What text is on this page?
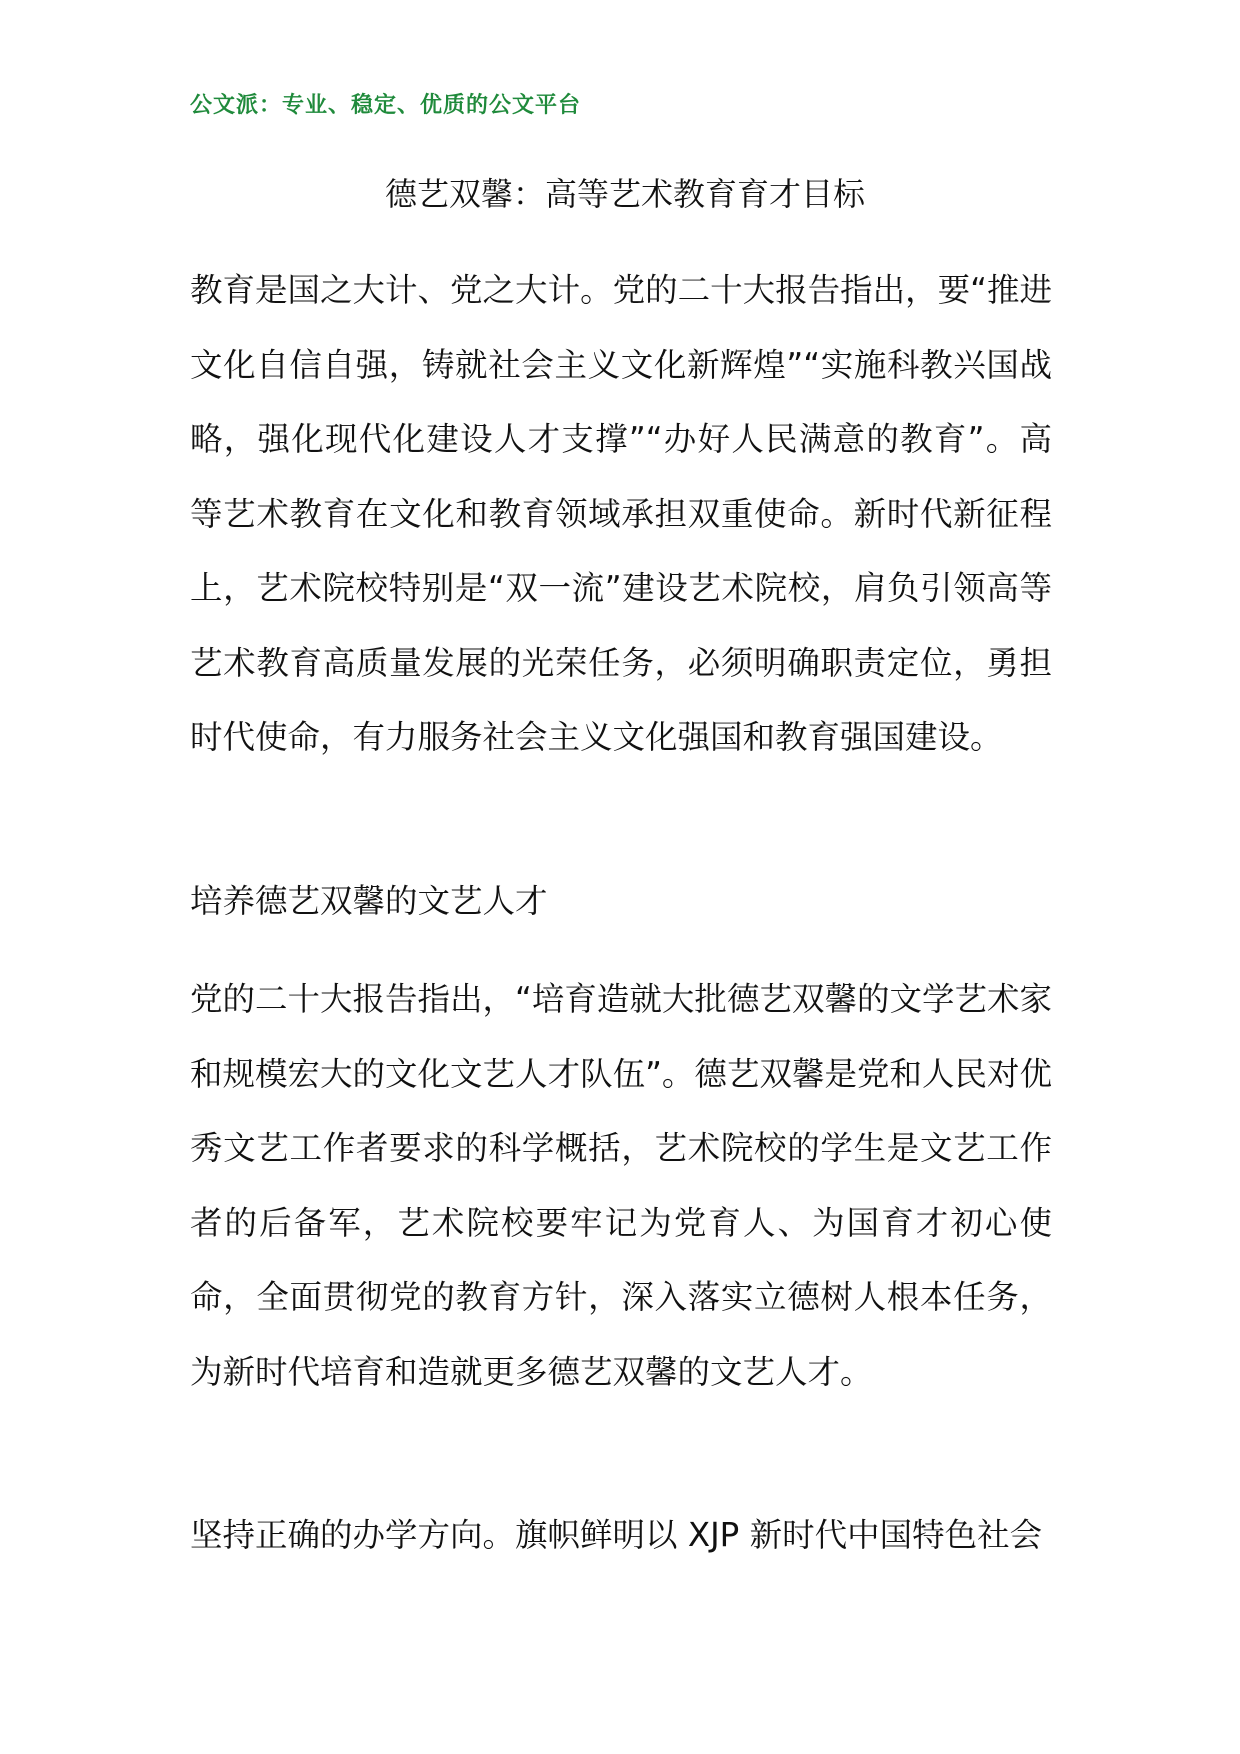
公文派：专业、稳定、优质的公文平台
德艺双馨：高等艺术教育育才目标

教育是国之大计、党之大计。党的二十大报告指出，要“推进文化自信自强，铸就社会主义文化新辉煌”“实施科教兴国战略，强化现代化建设人才支撑”“办好人民满意的教育”。高等艺术教育在文化和教育领域承担双重使命。新时代新征程上，艺术院校特别是“双一流”建设艺术院校，肩负引领高等艺术教育高质量发展的光荣任务，必须明确职责定位，勇担时代使命，有力服务社会主义文化强国和教育强国建设。

培养德艺双馨的文艺人才

党的二十大报告指出，“培育造就大批德艺双馨的文学艺术家和规模宏大的文化文艺人才队伍”。德艺双馨是党和人民对优秀文艺工作者要求的科学概括，艺术院校的学生是文艺工作者的后备军，艺术院校要牢记为党育人、为国育才初心使命，全面贯彻党的教育方针，深入落实立德树人根本任务，为新时代培育和造就更多德艺双馨的文艺人才。

坚持正确的办学方向。旗帜鲜明以 XJP 新时代中国特色社会
